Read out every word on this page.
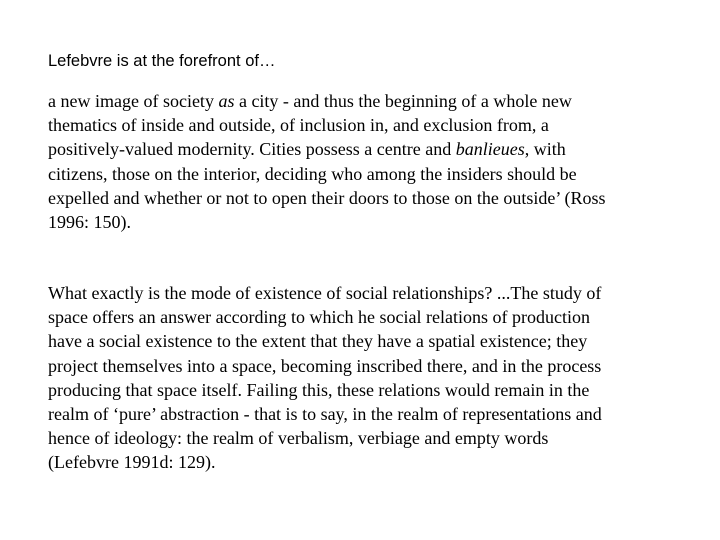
Lefebvre is at the forefront of…

a new image of society as a city - and thus the beginning of a whole new
thematics of inside and outside, of inclusion in, and exclusion from, a
positively-valued modernity. Cities possess a centre and banlieues, with
citizens, those on the interior, deciding who among the insiders should be
expelled and whether or not to open their doors to those on the outside’ (Ross
1996: 150).

What exactly is the mode of existence of social relationships? ...The study of
space offers an answer according to which he social relations of production
have a social existence to the extent that they have a spatial existence; they
project themselves into a space, becoming inscribed there, and in the process
producing that space itself. Failing this, these relations would remain in the
realm of ‘pure’ abstraction - that is to say, in the realm of representations and
hence of ideology: the realm of verbalism, verbiage and empty words
(Lefebvre 1991d: 129).
